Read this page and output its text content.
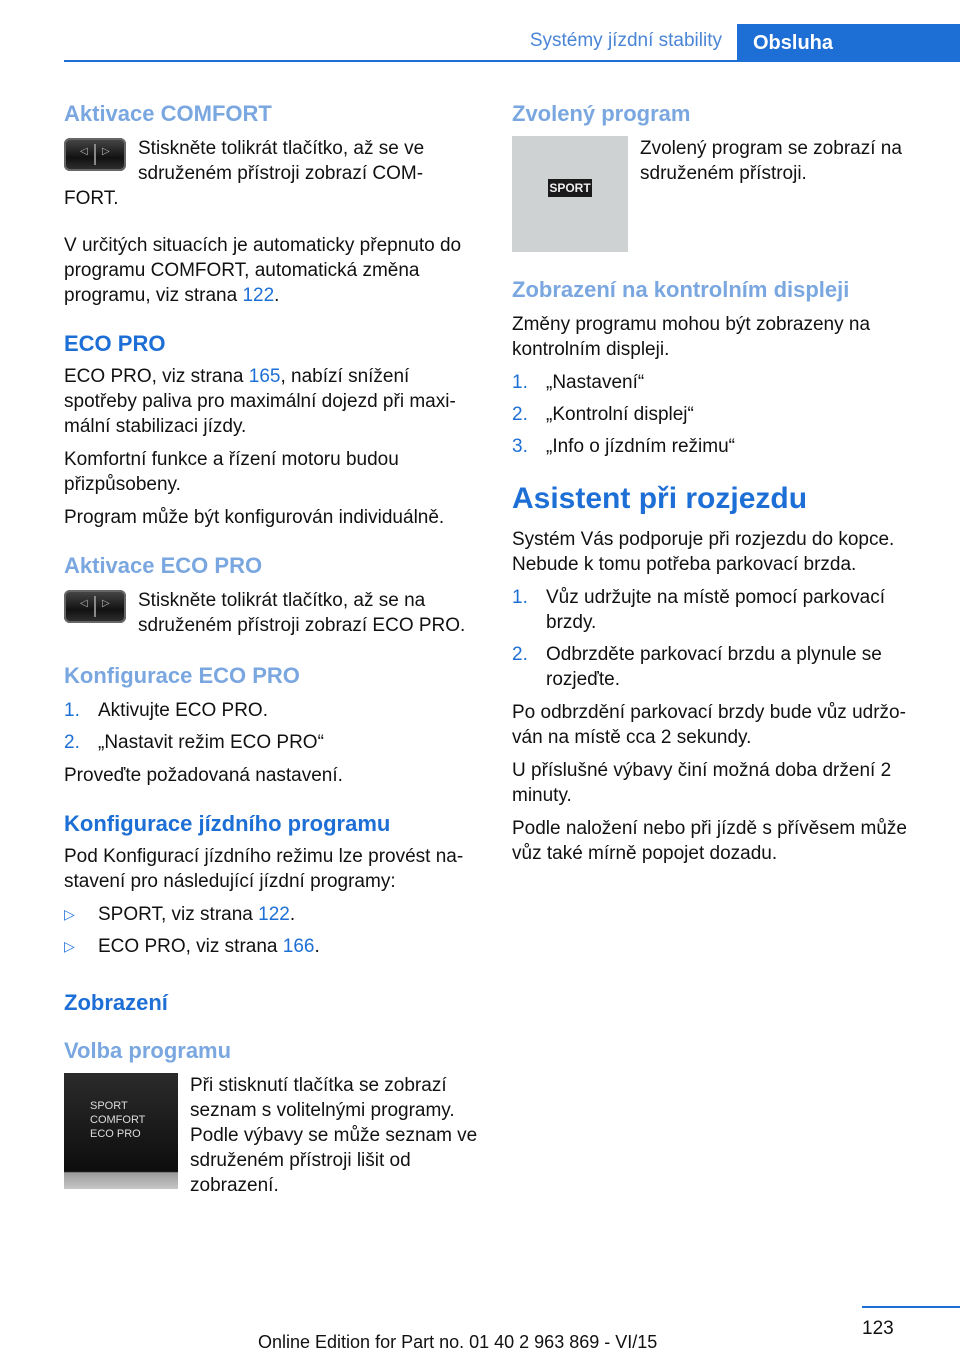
Systémy jízdní stability	Obsluha
Aktivace COMFORT
◁ ▷ Stiskněte tolikrát tlačítko, až se ve sdruženém přístroji zobrazí COM-

FORT.

V určitých situacích je automaticky přepnuto do programu COMFORT, automatická změna programu, viz strana 122.

ECO PRO

ECO PRO, viz strana 165, nabízí snížení spotřeby paliva pro maximální dojezd při maxi-mální stabilizaci jízdy.

Komfortní funkce a řízení motoru budou přizpůsobeny.

Program může být konfigurován individuálně.

Aktivace ECO PRO
◁ ▷ Stiskněte tolikrát tlačítko, až se na sdruženém přístroji zobrazí ECO PRO.
Konfigurace ECO PRO
1. Aktivujte ECO PRO.
2. „Nastavit režim ECO PRO“

Proveďte požadovaná nastavení.

Konfigurace jízdního programu

Pod Konfigurací jízdního režimu lze provést na-stavení pro následující jízdní programy:

▷	SPORT, viz strana 122.
▷	ECO PRO, viz strana 166.
Zobrazení
Volba programu
SPORT
COMFORT
ECO PRO
Při stisknutí tlačítka se zobrazí seznam s volitelnými programy. Podle výbavy se může seznam ve sdruženém přístroji lišit od zobrazení.
Zvolený program
SPORT
Zvolený program se zobrazí na sdruženém přístroji.
Zobrazení na kontrolním displeji

Změny programu mohou být zobrazeny na kontrolním displeji.

1. „Nastavení“
2. „Kontrolní displej“
3. „Info o jízdním režimu“
Asistent při rozjezdu

Systém Vás podporuje při rozjezdu do kopce. Nebude k tomu potřeba parkovací brzda.

1. Vůz udržujte na místě pomocí parkovací brzdy.
2. Odbrzděte parkovací brzdu a plynule se rozjeďte.

Po odbrzdění parkovací brzdy bude vůz udržo-ván na místě cca 2 sekundy.

U příslušné výbavy činí možná doba držení 2 minuty.

Podle naložení nebo při jízdě s přívěsem může vůz také mírně popojet dozadu.

123
Online Edition for Part no. 01 40 2 963 869 - VI/15
